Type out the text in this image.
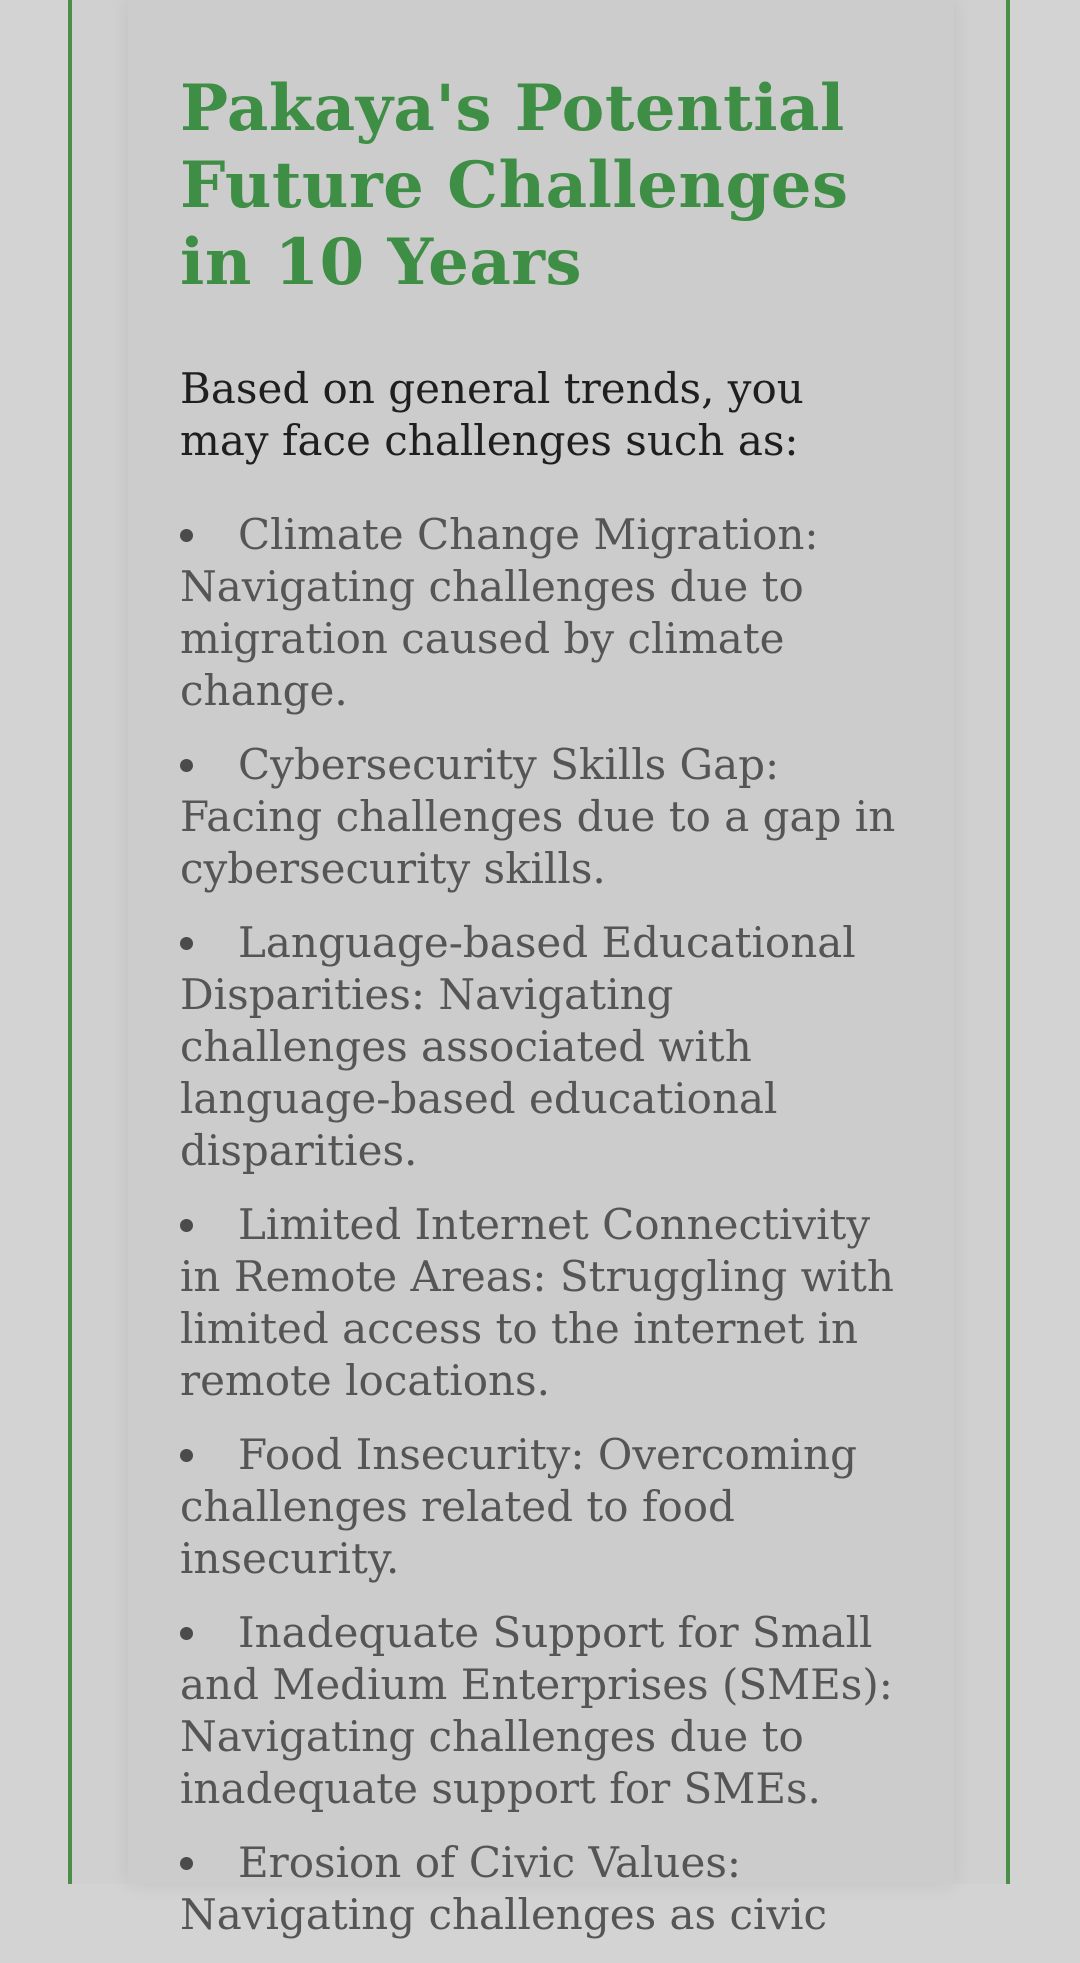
Pakaya's Potential Future Challenges in 10 Years

Based on general trends, you may face challenges such as:

Climate Change Migration: Navigating challenges due to migration caused by climate change.
Cybersecurity Skills Gap: Facing challenges due to a gap in cybersecurity skills.
Language-based Educational Disparities: Navigating challenges associated with language-based educational disparities.
Limited Internet Connectivity in Remote Areas: Struggling with limited access to the internet in remote locations.
Food Insecurity: Overcoming challenges related to food insecurity.
Inadequate Support for Small and Medium Enterprises (SMEs): Navigating challenges due to inadequate support for SMEs.
Erosion of Civic Values: Navigating challenges as civic
